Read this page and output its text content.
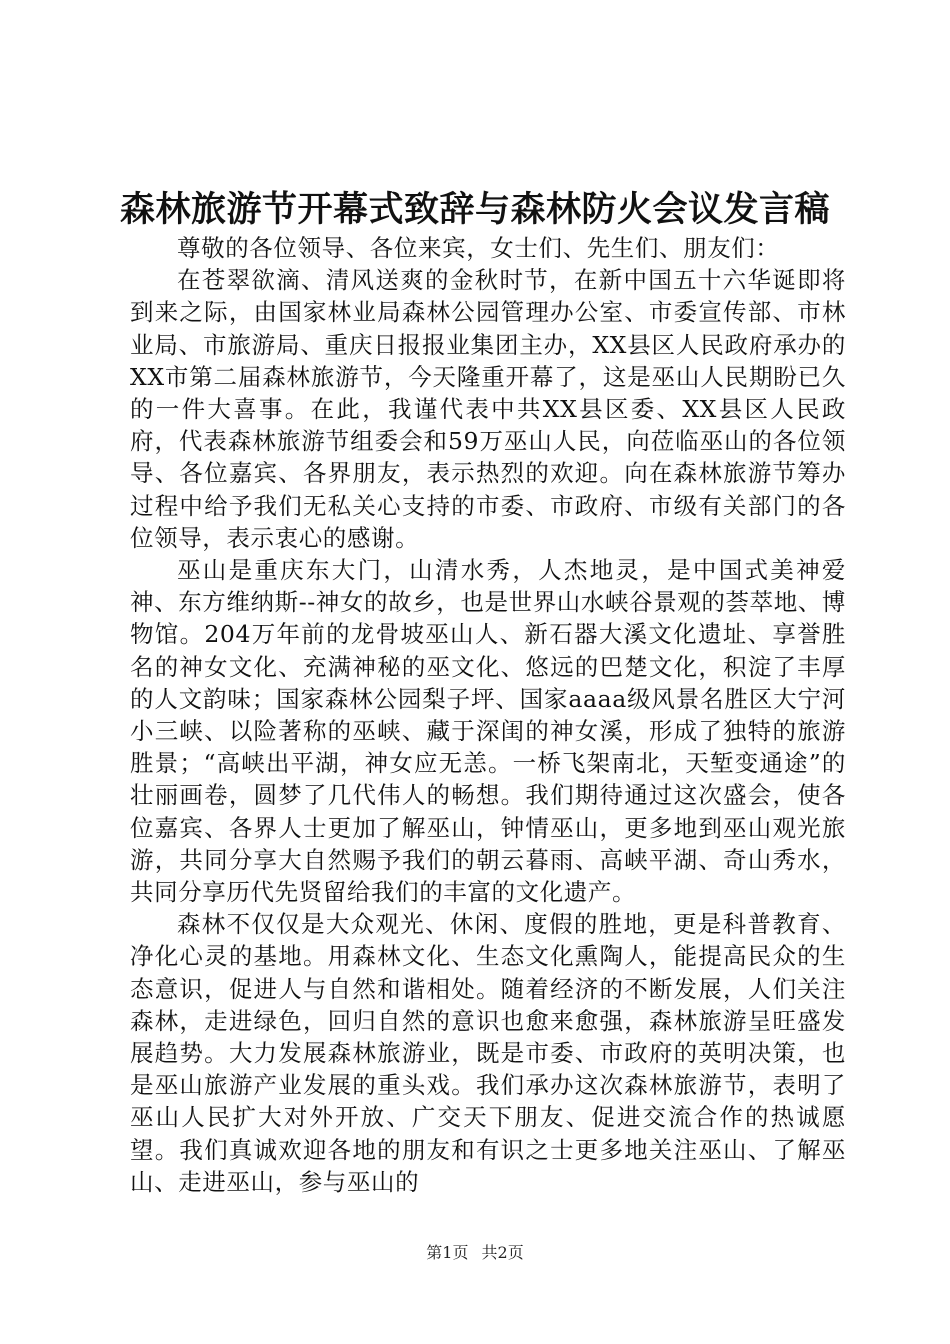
森林旅游节开幕式致辞与森林防火会议发言稿

尊敬的各位领导、各位来宾，女士们、先生们、朋友们：

在苍翠欲滴、清风送爽的金秋时节，在新中国五十六华诞即将到来之际，由国家林业局森林公园管理办公室、市委宣传部、市林业局、市旅游局、重庆日报报业集团主办，XX县区人民政府承办的XX市第二届森林旅游节，今天隆重开幕了，这是巫山人民期盼已久的一件大喜事。在此，我谨代表中共XX县区委、XX县区人民政府，代表森林旅游节组委会和59万巫山人民，向莅临巫山的各位领导、各位嘉宾、各界朋友，表示热烈的欢迎。向在森林旅游节筹办过程中给予我们无私关心支持的市委、市政府、市级有关部门的各位领导，表示衷心的感谢。

巫山是重庆东大门，山清水秀，人杰地灵，是中国式美神爱神、东方维纳斯--神女的故乡，也是世界山水峡谷景观的荟萃地、博物馆。204万年前的龙骨坡巫山人、新石器大溪文化遗址、享誉胜名的神女文化、充满神秘的巫文化、悠远的巴楚文化，积淀了丰厚的人文韵味；国家森林公园梨子坪、国家aaaa级风景名胜区大宁河小三峡、以险著称的巫峡、藏于深闺的神女溪，形成了独特的旅游胜景；“高峡出平湖，神女应无恙。一桥飞架南北，天堑变通途”的壮丽画卷，圆梦了几代伟人的畅想。我们期待通过这次盛会，使各位嘉宾、各界人士更加了解巫山，钟情巫山，更多地到巫山观光旅游，共同分享大自然赐予我们的朝云暮雨、高峡平湖、奇山秀水，共同分享历代先贤留给我们的丰富的文化遗产。

森林不仅仅是大众观光、休闲、度假的胜地，更是科普教育、净化心灵的基地。用森林文化、生态文化熏陶人，能提高民众的生态意识，促进人与自然和谐相处。随着经济的不断发展，人们关注森林，走进绿色，回归自然的意识也愈来愈强，森林旅游呈旺盛发展趋势。大力发展森林旅游业，既是市委、市政府的英明决策，也是巫山旅游产业发展的重头戏。我们承办这次森林旅游节，表明了巫山人民扩大对外开放、广交天下朋友、促进交流合作的热诚愿望。我们真诚欢迎各地的朋友和有识之士更多地关注巫山、了解巫山、走进巫山，参与巫山的

第1页 共2页
